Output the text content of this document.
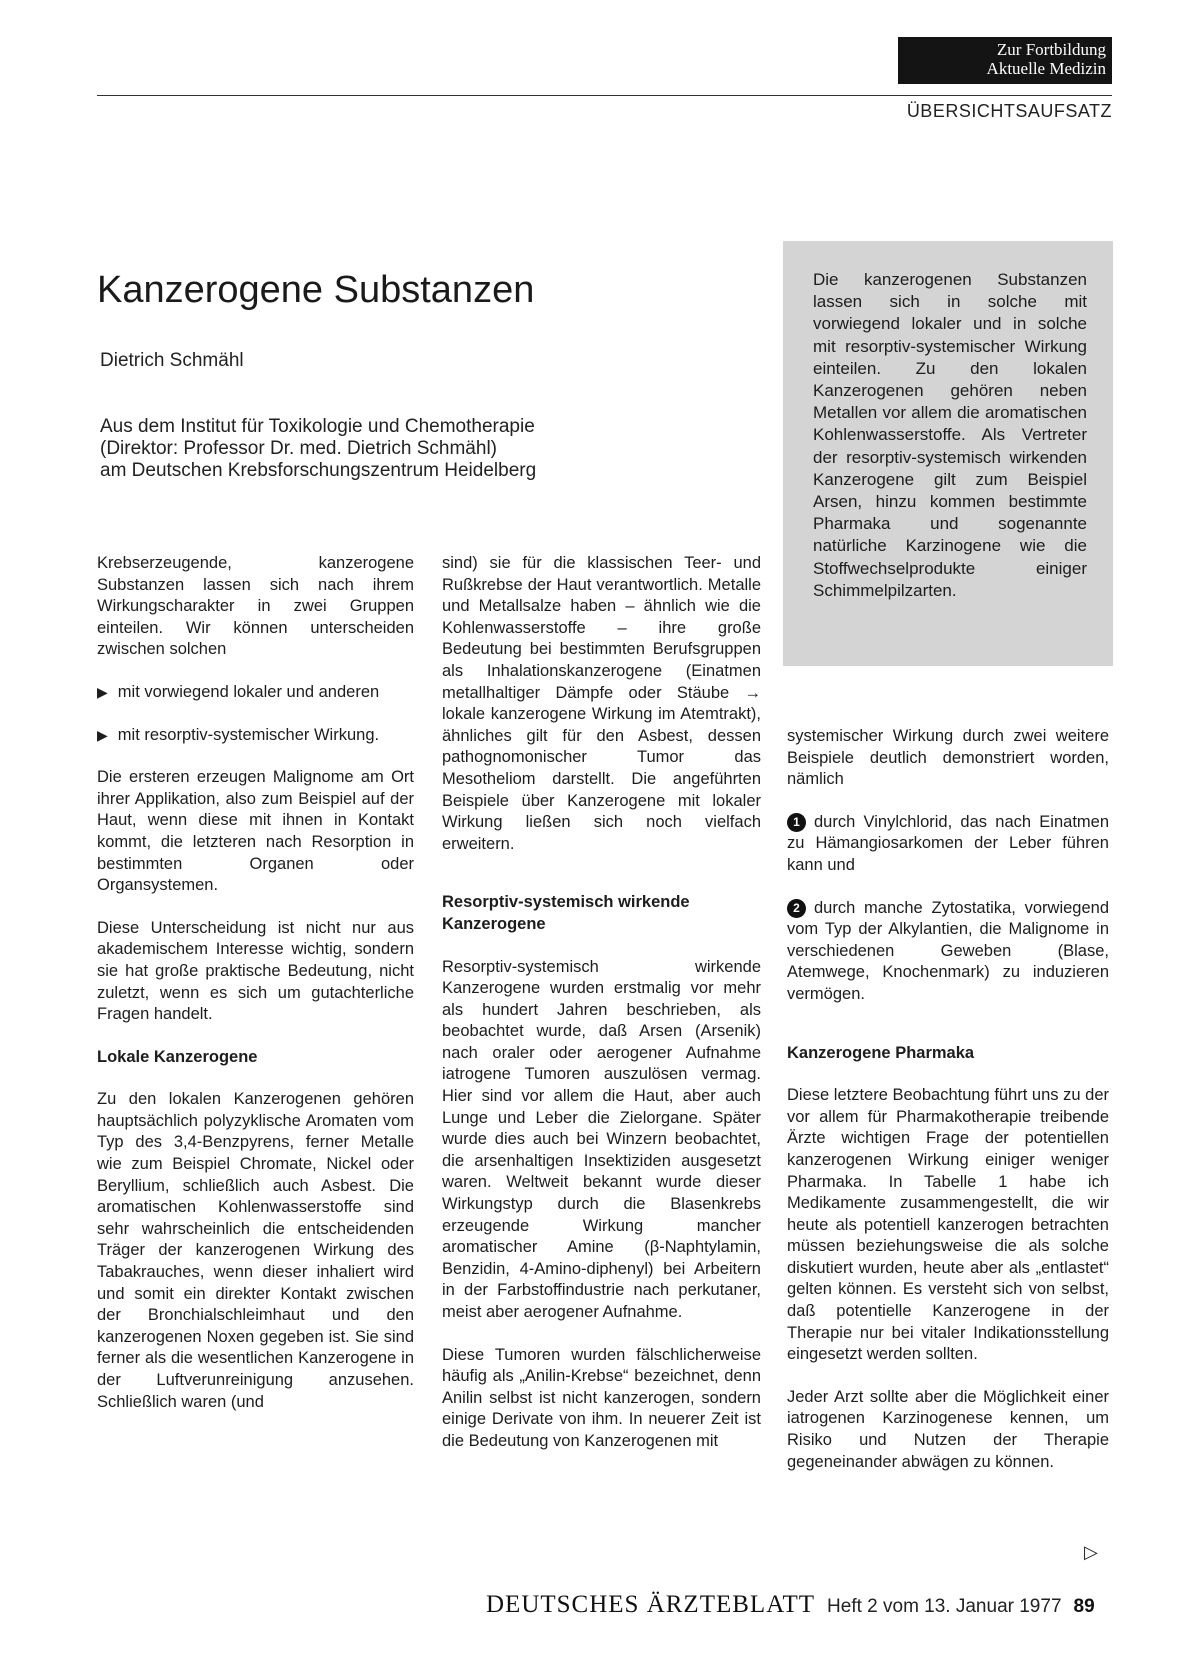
Zur Fortbildung
Aktuelle Medizin
ÜBERSICHTSAUFSATZ
Kanzerogene Substanzen
Dietrich Schmähl
Aus dem Institut für Toxikologie und Chemotherapie
(Direktor: Professor Dr. med. Dietrich Schmähl)
am Deutschen Krebsforschungszentrum Heidelberg

Die kanzerogenen Substanzen lassen sich in solche mit vorwiegend lokaler und in solche mit resorptiv-systemischer Wirkung einteilen. Zu den lokalen Kanzerogenen gehören neben Metallen vor allem die aromatischen Kohlenwasserstoffe. Als Vertreter der resorptiv-systemisch wirkenden Kanzerogene gilt zum Beispiel Arsen, hinzu kommen bestimmte Pharmaka und sogenannte natürliche Karzinogene wie die Stoffwechselprodukte einiger Schimmelpilzarten.

Krebserzeugende, kanzerogene Substanzen lassen sich nach ihrem Wirkungscharakter in zwei Gruppen einteilen. Wir können unterscheiden zwischen solchen

▶ mit vorwiegend lokaler und anderen

▶ mit resorptiv-systemischer Wirkung.

Die ersteren erzeugen Malignome am Ort ihrer Applikation, also zum Beispiel auf der Haut, wenn diese mit ihnen in Kontakt kommt, die letzteren nach Resorption in bestimmten Organen oder Organsystemen.

Diese Unterscheidung ist nicht nur aus akademischem Interesse wichtig, sondern sie hat große praktische Bedeutung, nicht zuletzt, wenn es sich um gutachterliche Fragen handelt.

Lokale Kanzerogene

Zu den lokalen Kanzerogenen gehören hauptsächlich polyzyklische Aromaten vom Typ des 3,4-Benzpyrens, ferner Metalle wie zum Beispiel Chromate, Nickel oder Beryllium, schließlich auch Asbest. Die aromatischen Kohlenwasserstoffe sind sehr wahrscheinlich die entscheidenden Träger der kanzerogenen Wirkung des Tabakrauches, wenn dieser inhaliert wird und somit ein direkter Kontakt zwischen der Bronchialschleimhaut und den kanzerogenen Noxen gegeben ist. Sie sind ferner als die wesentlichen Kanzerogene in der Luftverunreinigung anzusehen. Schließlich waren (und

sind) sie für die klassischen Teer- und Rußkrebse der Haut verantwortlich. Metalle und Metallsalze haben – ähnlich wie die Kohlenwasserstoffe – ihre große Bedeutung bei bestimmten Berufsgruppen als Inhalationskanzerogene (Einatmen metallhaltiger Dämpfe oder Stäube → lokale kanzerogene Wirkung im Atemtrakt), ähnliches gilt für den Asbest, dessen pathognomonischer Tumor das Mesotheliom darstellt. Die angeführten Beispiele über Kanzerogene mit lokaler Wirkung ließen sich noch vielfach erweitern.

Resorptiv-systemisch wirkende Kanzerogene

Resorptiv-systemisch wirkende Kanzerogene wurden erstmalig vor mehr als hundert Jahren beschrieben, als beobachtet wurde, daß Arsen (Arsenik) nach oraler oder aerogener Aufnahme iatrogene Tumoren auszulösen vermag. Hier sind vor allem die Haut, aber auch Lunge und Leber die Zielorgane. Später wurde dies auch bei Winzern beobachtet, die arsenhaltigen Insektiziden ausgesetzt waren. Weltweit bekannt wurde dieser Wirkungstyp durch die Blasenkrebs erzeugende Wirkung mancher aromatischer Amine (β-Naphtylamin, Benzidin, 4-Amino-diphenyl) bei Arbeitern in der Farbstoffindustrie nach perkutaner, meist aber aerogener Aufnahme.

Diese Tumoren wurden fälschlicherweise häufig als „Anilin-Krebse“ bezeichnet, denn Anilin selbst ist nicht kanzerogen, sondern einige Derivate von ihm. In neuerer Zeit ist die Bedeutung von Kanzerogenen mit

systemischer Wirkung durch zwei weitere Beispiele deutlich demonstriert worden, nämlich

1 durch Vinylchlorid, das nach Einatmen zu Hämangiosarkomen der Leber führen kann und

2 durch manche Zytostatika, vorwiegend vom Typ der Alkylantien, die Malignome in verschiedenen Geweben (Blase, Atemwege, Knochenmark) zu induzieren vermögen.

Kanzerogene Pharmaka

Diese letztere Beobachtung führt uns zu der vor allem für Pharmakotherapie treibende Ärzte wichtigen Frage der potentiellen kanzerogenen Wirkung einiger weniger Pharmaka. In Tabelle 1 habe ich Medikamente zusammengestellt, die wir heute als potentiell kanzerogen betrachten müssen beziehungsweise die als solche diskutiert wurden, heute aber als „entlastet“ gelten können. Es versteht sich von selbst, daß potentielle Kanzerogene in der Therapie nur bei vitaler Indikationsstellung eingesetzt werden sollten.

Jeder Arzt sollte aber die Möglichkeit einer iatrogenen Karzinogenese kennen, um Risiko und Nutzen der Therapie gegeneinander abwägen zu können.

▷
DEUTSCHES ÄRZTEBLATT Heft 2 vom 13. Januar 1977 89
